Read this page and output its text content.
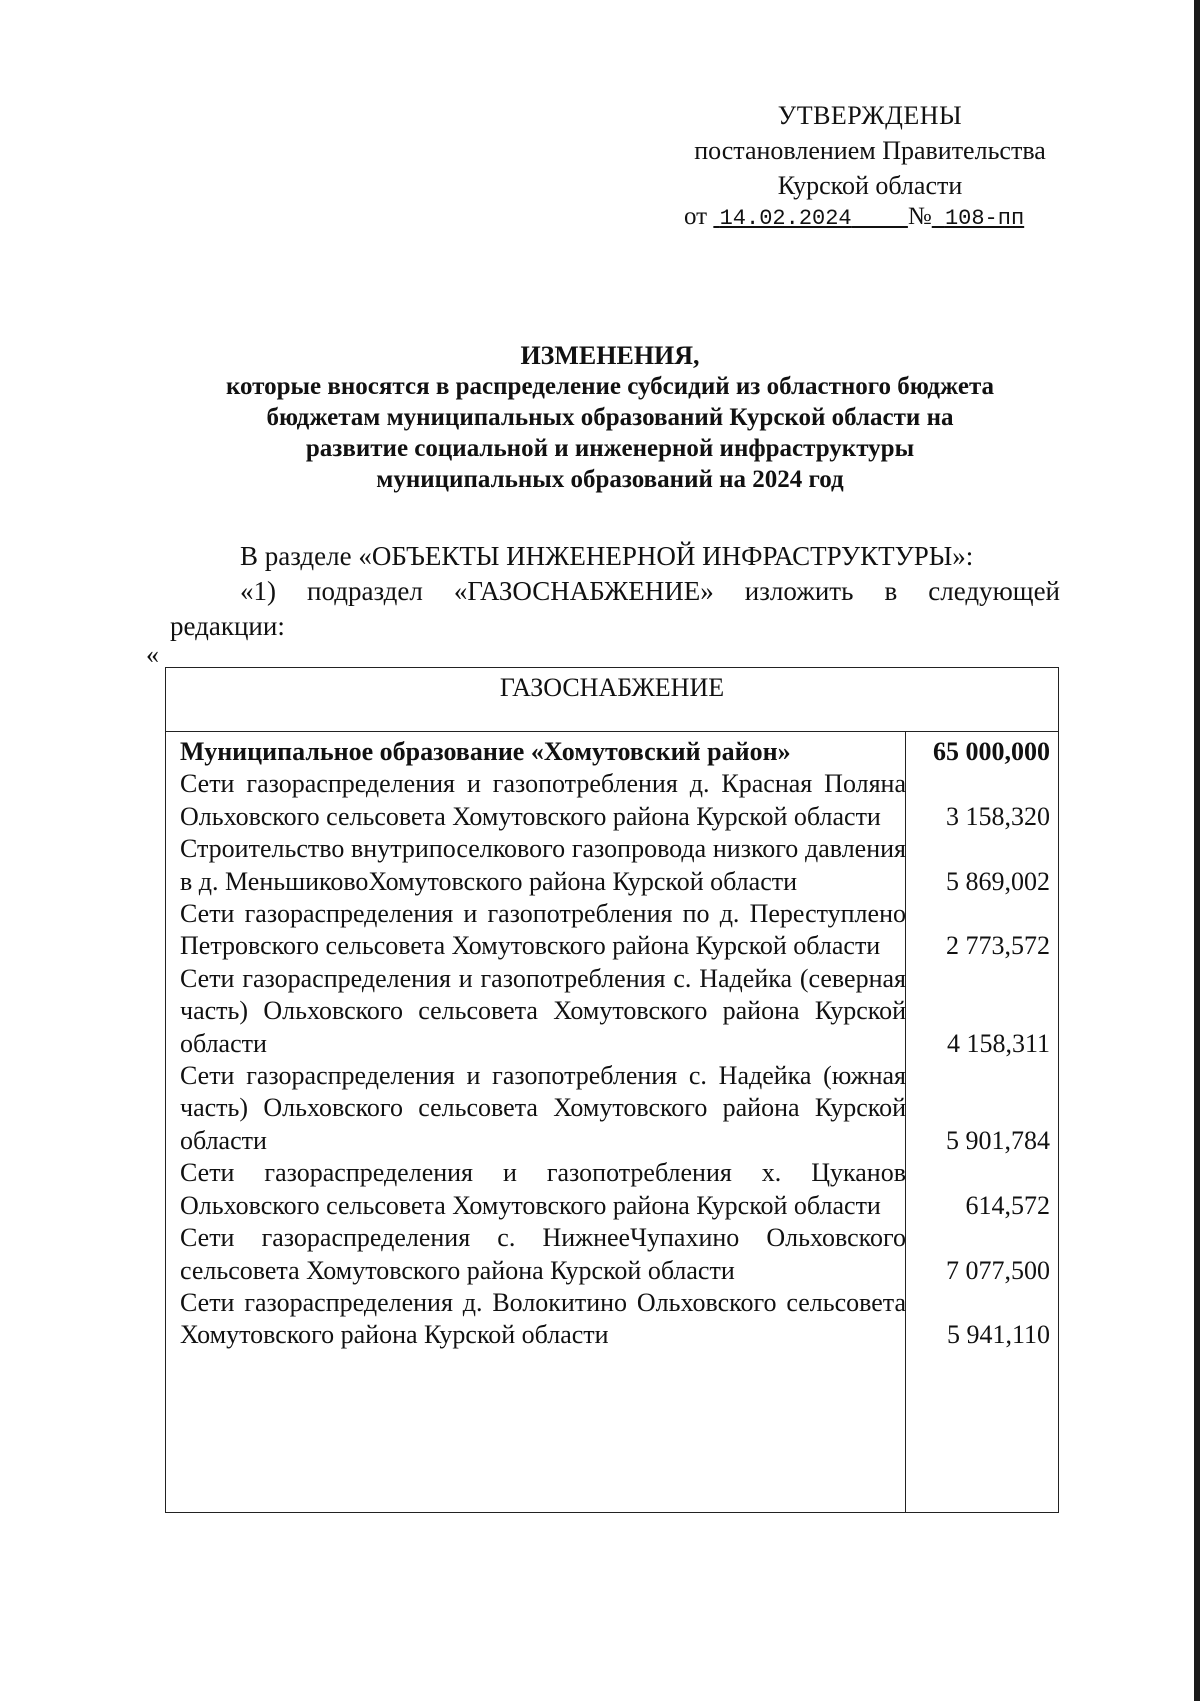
УТВЕРЖДЕНЫ
постановлением Правительства
Курской области
от 14.02.2024 № 108-пп
ИЗМЕНЕНИЯ,
которые вносятся в распределение субсидий из областного бюджета
бюджетам муниципальных образований Курской области на
развитие социальной и инженерной инфраструктуры
муниципальных образований на 2024 год
В разделе «ОБЪЕКТЫ ИНЖЕНЕРНОЙ ИНФРАСТРУКТУРЫ»:
«1) подраздел «ГАЗОСНАБЖЕНИЕ» изложить в следующей редакции:
«
ГАЗОСНАБЖЕНИЕ
Муниципальное образование «Хомутовский район»	65 000,000
Сети газораспределения и газопотребления д. Красная Поляна Ольховского сельсовета Хомутовского района Курской области	3 158,320
Строительство внутрипоселкового газопровода низкого давления в д. МеньшиковоХомутовского района Курской области	5 869,002
Сети газораспределения и газопотребления по д. Переступлено Петровского сельсовета Хомутовского района Курской области	2 773,572
Сети газораспределения и газопотребления с. Надейка (северная часть) Ольховского сельсовета Хомутовского района Курской области	4 158,311
Сети газораспределения и газопотребления с. Надейка (южная часть) Ольховского сельсовета Хомутовского района Курской области	5 901,784
Сети газораспределения и газопотребления х. Цуканов Ольховского сельсовета Хомутовского района Курской области	614,572
Сети газораспределения с. НижнееЧупахино Ольховского сельсовета Хомутовского района Курской области	7 077,500
Сети газораспределения д. Волокитино Ольховского сельсовета Хомутовского района Курской области	5 941,110
